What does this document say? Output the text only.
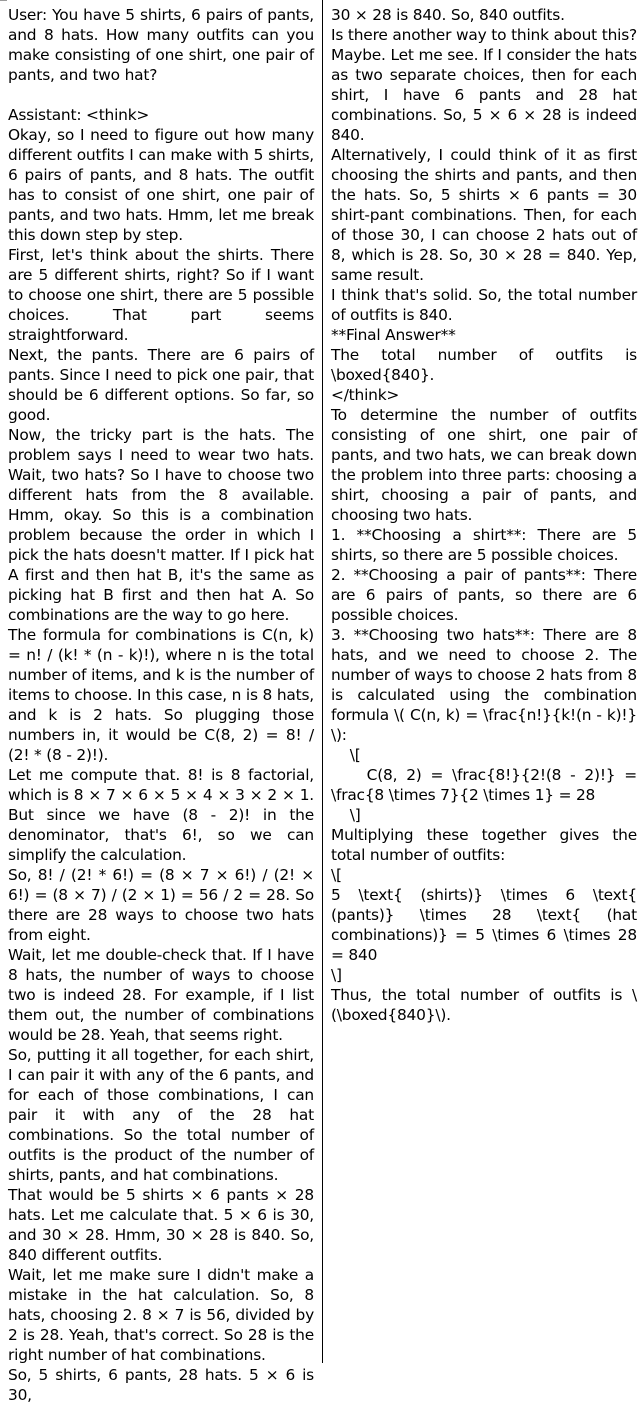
User: You have 5 shirts, 6 pairs of pants, and 8 hats. How many outfits can you make consisting of one shirt, one pair of pants, and two hat?

Assistant: <think>

Okay, so I need to figure out how many different outfits I can make with 5 shirts, 6 pairs of pants, and 8 hats. The outfit has to consist of one shirt, one pair of pants, and two hats. Hmm, let me break this down step by step.

First, let's think about the shirts. There are 5 different shirts, right? So if I want to choose one shirt, there are 5 possible choices. That part seems straightforward.

Next, the pants. There are 6 pairs of pants. Since I need to pick one pair, that should be 6 different options. So far, so good.

Now, the tricky part is the hats. The problem says I need to wear two hats. Wait, two hats? So I have to choose two different hats from the 8 available. Hmm, okay. So this is a combination problem because the order in which I pick the hats doesn't matter. If I pick hat A first and then hat B, it's the same as picking hat B first and then hat A. So combinations are the way to go here.

The formula for combinations is C(n, k) = n! / (k! * (n - k)!), where n is the total number of items, and k is the number of items to choose. In this case, n is 8 hats, and k is 2 hats. So plugging those numbers in, it would be C(8, 2) = 8! / (2! * (8 - 2)!).

Let me compute that. 8! is 8 factorial, which is 8 × 7 × 6 × 5 × 4 × 3 × 2 × 1. But since we have (8 - 2)! in the denominator, that's 6!, so we can simplify the calculation.

So, 8! / (2! * 6!) = (8 × 7 × 6!) / (2! × 6!) = (8 × 7) / (2 × 1) = 56 / 2 = 28. So there are 28 ways to choose two hats from eight.

Wait, let me double-check that. If I have 8 hats, the number of ways to choose two is indeed 28. For example, if I list them out, the number of combinations would be 28. Yeah, that seems right.

So, putting it all together, for each shirt, I can pair it with any of the 6 pants, and for each of those combinations, I can pair it with any of the 28 hat combinations. So the total number of outfits is the product of the number of shirts, pants, and hat combinations.

That would be 5 shirts × 6 pants × 28 hats. Let me calculate that. 5 × 6 is 30, and 30 × 28. Hmm, 30 × 28 is 840. So, 840 different outfits.

Wait, let me make sure I didn't make a mistake in the hat calculation. So, 8 hats, choosing 2. 8 × 7 is 56, divided by 2 is 28. Yeah, that's correct. So 28 is the right number of hat combinations.

So, 5 shirts, 6 pants, 28 hats. 5 × 6 is 30,

30 × 28 is 840. So, 840 outfits.

Is there another way to think about this? Maybe. Let me see. If I consider the hats as two separate choices, then for each shirt, I have 6 pants and 28 hat combinations. So, 5 × 6 × 28 is indeed 840.

Alternatively, I could think of it as first choosing the shirts and pants, and then the hats. So, 5 shirts × 6 pants = 30 shirt-pant combinations. Then, for each of those 30, I can choose 2 hats out of 8, which is 28. So, 30 × 28 = 840. Yep, same result.

I think that's solid. So, the total number of outfits is 840.

**Final Answer**

The total number of outfits is \boxed{840}.

</think>

To determine the number of outfits consisting of one shirt, one pair of pants, and two hats, we can break down the problem into three parts: choosing a shirt, choosing a pair of pants, and choosing two hats.

1. **Choosing a shirt**: There are 5 shirts, so there are 5 possible choices.

2. **Choosing a pair of pants**: There are 6 pairs of pants, so there are 6 possible choices.

3. **Choosing two hats**: There are 8 hats, and we need to choose 2. The number of ways to choose 2 hats from 8 is calculated using the combination formula \( C(n, k) = \frac{n!}{k!(n - k)!} \):

\[

C(8, 2) = \frac{8!}{2!(8 - 2)!} = \frac{8 \times 7}{2 \times 1} = 28

\]

Multiplying these together gives the total number of outfits:

\[

5 \text{ (shirts)} \times 6 \text{ (pants)} \times 28 \text{ (hat combinations)} = 5 \times 6 \times 28 = 840

\]

Thus, the total number of outfits is \(\boxed{840}\).
